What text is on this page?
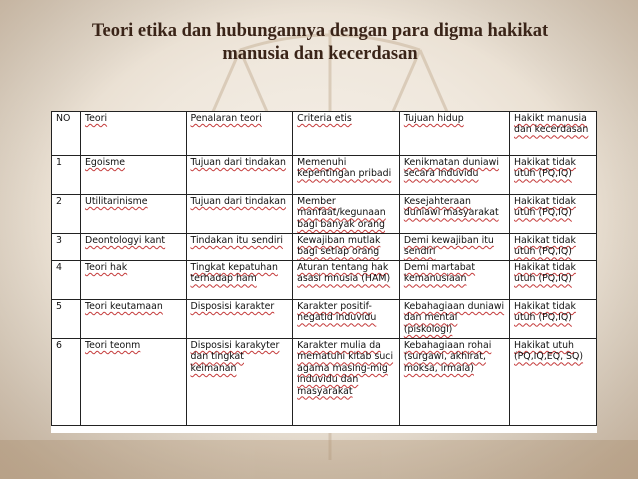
Teori etika dan hubungannya dengan para digma hakikat
manusia dan kecerdasan
NO	Teori	Penalaran teori	Criteria etis	Tujuan hidup	Hakikt manusia dan kecerdasan
1	Egoisme	Tujuan dari tindakan	Memenuhi kepentingan pribadi	Kenikmatan duniawi secara induvidu	Hakikat tidak utuh (PQ,IQ)
2	Utilitarinisme	Tujuan dari tindakan	Member manfaat/kegunaan bagi banyak orang	Kesejahteraan duniawi masyarakat	Hakikat tidak utuh (PQ,IQ)
3	Deontologyi kant	Tindakan itu sendiri	Kewajiban mutlak bagi setiap orang	Demi kewajiban itu sendiri	Hakikat tidak utuh (PQ,IQ)
4	Teori hak	Tingkat kepatuhan terhadap ham	Aturan tentang hak asasi mnusia (HAM)	Demi martabat kemanusiaan	Hakikat tidak utuh (PQ,IQ)
5	Teori keutamaan	Disposisi karakter	Karakter positif-negatid induvidu	Kebahagiaan duniawi dan mental (piskologi)	Hakikat tidak utuh (PQ,IQ)
6	Teori teonm	Disposisi karakyter dan tingkat keimanan	Karakter mulia da mematuhi kitab suci agama masing-mig induvidu dan masyarakat	Kebahagiaan rohai (surgawi, akhirat, moksa, irmala)	Hakikat utuh (PQ,IQ,EQ, SQ)
